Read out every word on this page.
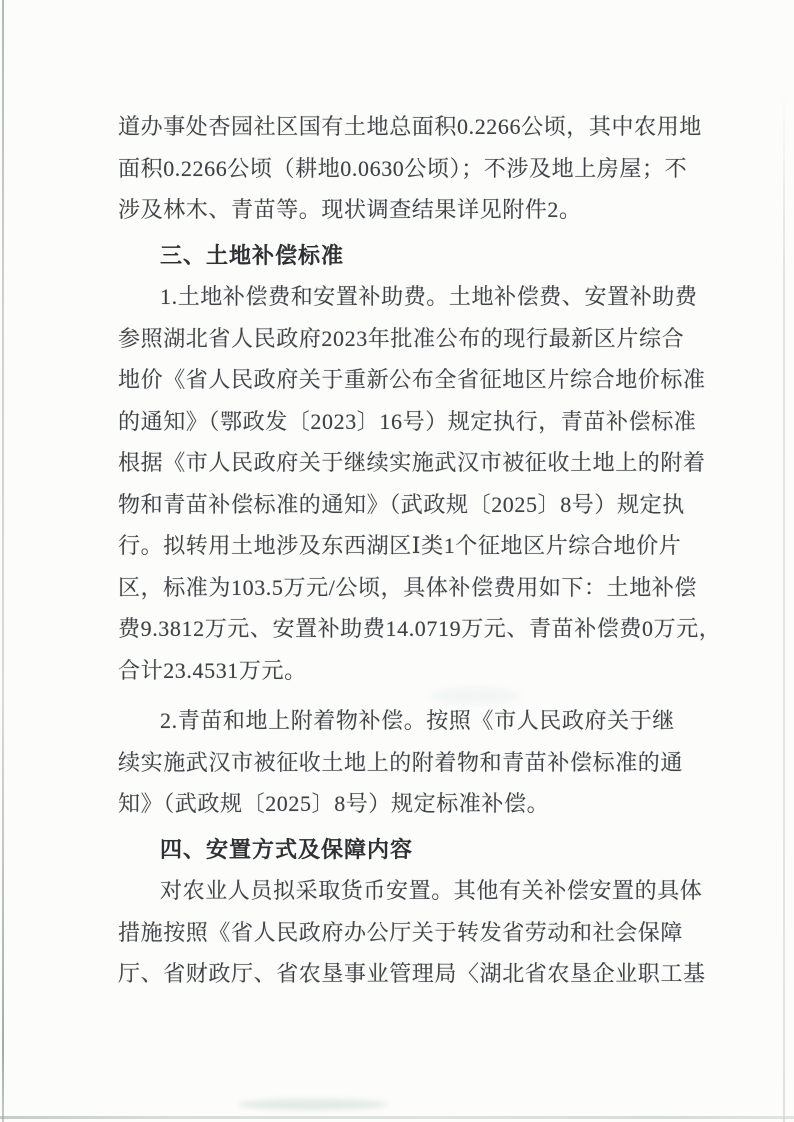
道办事处杏园社区国有土地总面积0.2266公顷，其中农用地
面积0.2266公顷（耕地0.0630公顷）；不涉及地上房屋；不
涉及林木、青苗等。现状调查结果详见附件2。
三、土地补偿标准
1.土地补偿费和安置补助费。土地补偿费、安置补助费
参照湖北省人民政府2023年批准公布的现行最新区片综合
地价《省人民政府关于重新公布全省征地区片综合地价标准
的通知》（鄂政发〔2023〕16号）规定执行，青苗补偿标准
根据《市人民政府关于继续实施武汉市被征收土地上的附着
物和青苗补偿标准的通知》（武政规〔2025〕8号）规定执
行。拟转用土地涉及东西湖区Ⅰ类1个征地区片综合地价片
区，标准为103.5万元/公顷，具体补偿费用如下：土地补偿
费9.3812万元、安置补助费14.0719万元、青苗补偿费0万元，
合计23.4531万元。
2.青苗和地上附着物补偿。按照《市人民政府关于继
续实施武汉市被征收土地上的附着物和青苗补偿标准的通
知》（武政规〔2025〕8号）规定标准补偿。
四、安置方式及保障内容
对农业人员拟采取货币安置。其他有关补偿安置的具体
措施按照《省人民政府办公厅关于转发省劳动和社会保障
厅、省财政厅、省农垦事业管理局〈湖北省农垦企业职工基
